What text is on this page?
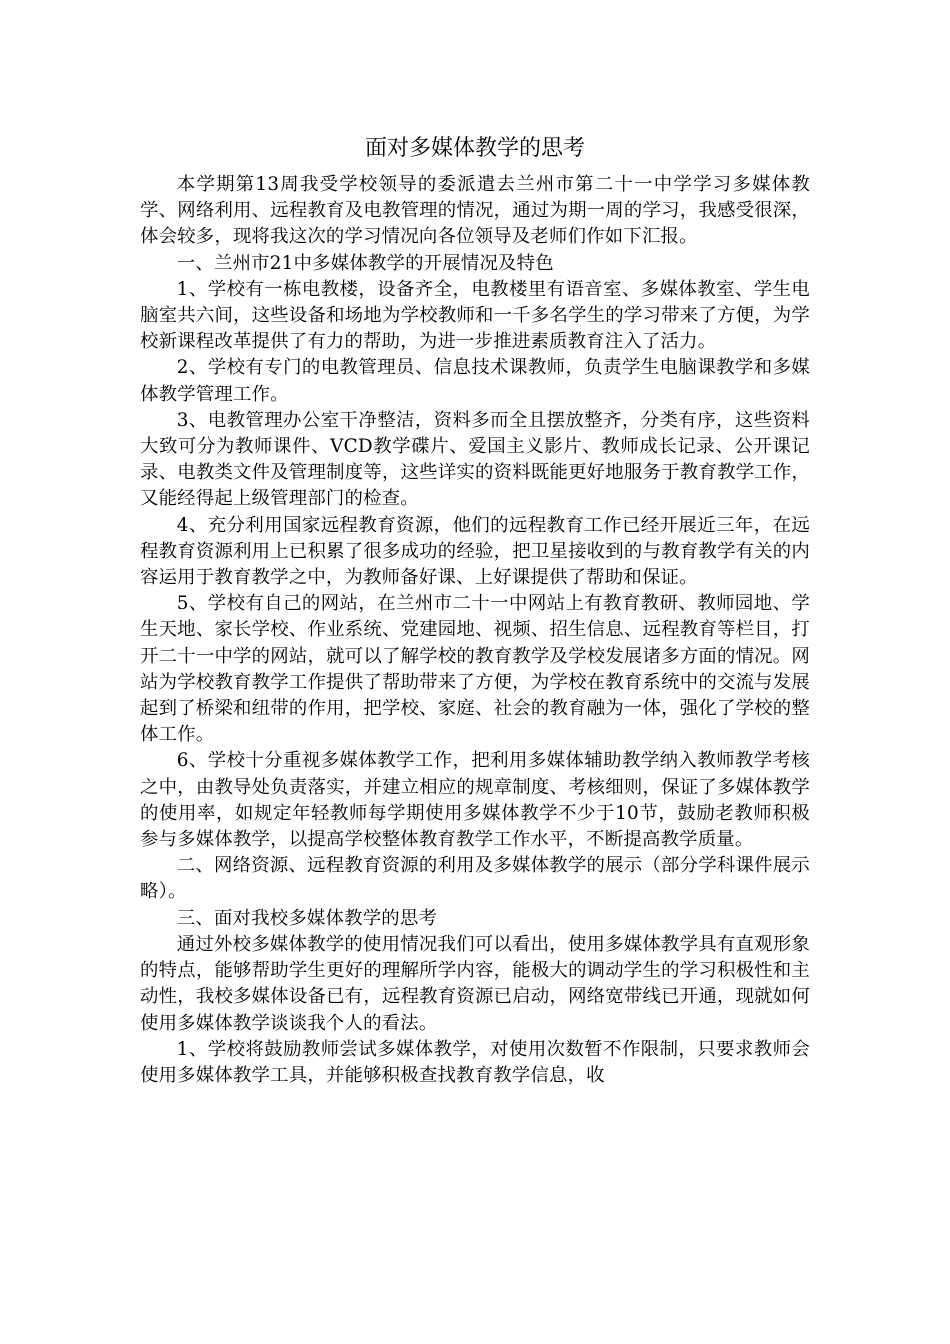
面对多媒体教学的思考

本学期第13周我受学校领导的委派遣去兰州市第二十一中学学习多媒体教学、网络利用、远程教育及电教管理的情况，通过为期一周的学习，我感受很深，体会较多，现将我这次的学习情况向各位领导及老师们作如下汇报。

一、兰州市21中多媒体教学的开展情况及特色

1、学校有一栋电教楼，设备齐全，电教楼里有语音室、多媒体教室、学生电脑室共六间，这些设备和场地为学校教师和一千多名学生的学习带来了方便，为学校新课程改革提供了有力的帮助，为进一步推进素质教育注入了活力。

2、学校有专门的电教管理员、信息技术课教师，负责学生电脑课教学和多媒体教学管理工作。

3、电教管理办公室干净整洁，资料多而全且摆放整齐，分类有序，这些资料大致可分为教师课件、VCD教学碟片、爱国主义影片、教师成长记录、公开课记录、电教类文件及管理制度等，这些详实的资料既能更好地服务于教育教学工作，又能经得起上级管理部门的检查。

4、充分利用国家远程教育资源，他们的远程教育工作已经开展近三年，在远程教育资源利用上已积累了很多成功的经验，把卫星接收到的与教育教学有关的内容运用于教育教学之中，为教师备好课、上好课提供了帮助和保证。

5、学校有自己的网站，在兰州市二十一中网站上有教育教研、教师园地、学生天地、家长学校、作业系统、党建园地、视频、招生信息、远程教育等栏目，打开二十一中学的网站，就可以了解学校的教育教学及学校发展诸多方面的情况。网站为学校教育教学工作提供了帮助带来了方便，为学校在教育系统中的交流与发展起到了桥梁和纽带的作用，把学校、家庭、社会的教育融为一体，强化了学校的整体工作。

6、学校十分重视多媒体教学工作，把利用多媒体辅助教学纳入教师教学考核之中，由教导处负责落实，并建立相应的规章制度、考核细则，保证了多媒体教学的使用率，如规定年轻教师每学期使用多媒体教学不少于10节，鼓励老教师积极参与多媒体教学，以提高学校整体教育教学工作水平，不断提高教学质量。

二、网络资源、远程教育资源的利用及多媒体教学的展示（部分学科课件展示略）。

三、面对我校多媒体教学的思考

通过外校多媒体教学的使用情况我们可以看出，使用多媒体教学具有直观形象的特点，能够帮助学生更好的理解所学内容，能极大的调动学生的学习积极性和主动性，我校多媒体设备已有，远程教育资源已启动，网络宽带线已开通，现就如何使用多媒体教学谈谈我个人的看法。

1、学校将鼓励教师尝试多媒体教学，对使用次数暂不作限制，只要求教师会使用多媒体教学工具，并能够积极查找教育教学信息，收
